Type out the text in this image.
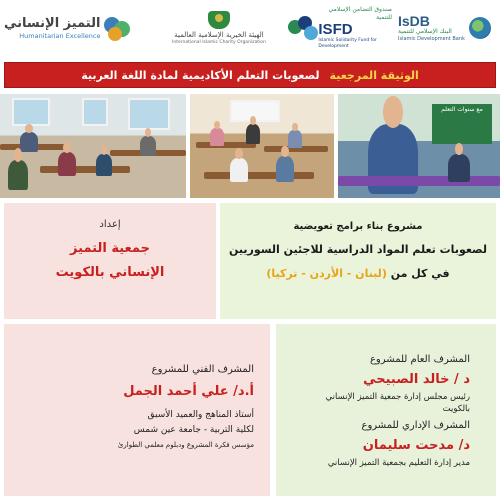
IsDB
البنك الإسلامي للتنمية
Islamic Development Bank
صندوق التضامن الإسلامي للتنمية
ISFD
Islamic Solidarity Fund for Development
الهيئة الخيرية الإسلامية العالمية
International Islamic Charity Organization
التميز الإنساني
Humanitarian Excellence
الوثيقة المرجعية
لصعوبات التعلم الأكاديمية لمادة اللغة العربية
مع سنوات التعلم
مشروع بناء برامج تعويضية
لصعوبات تعلم المواد الدراسية للاجئين السوريين
في كل من (لبنان - الأردن - تركيا)
إعداد
جمعية التميز
الإنساني بالكويت
المشرف الفني للمشروع
أ.د/ علي أحمد الجمل
أستاذ المناهج والعميد الأسبق
لكلية التربية - جامعة عين شمس
مؤسس فكرة المشروع ودبلوم معلمي الطوارئ
المشرف العام للمشروع
د / خالد الصبيحي
رئيس مجلس إدارة جمعية التميز الإنساني
بالكويت
المشرف الإداري للمشروع
د/ مدحت سليمان
مدير إدارة التعليم بجمعية التميز الإنساني
